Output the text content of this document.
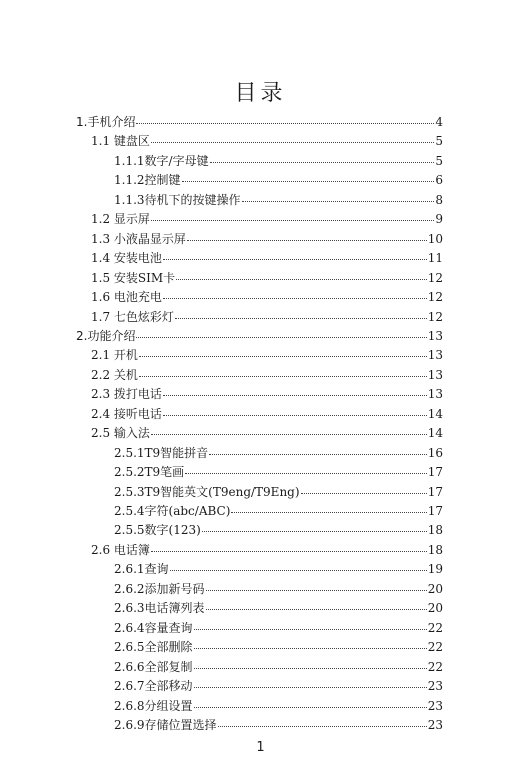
目录
1.手机介绍	4
1.1 键盘区	5
1.1.1数字/字母键	5
1.1.2控制键	6
1.1.3待机下的按键操作	8
1.2 显示屏	9
1.3 小液晶显示屏	10
1.4 安装电池	11
1.5 安装SIM卡	12
1.6 电池充电	12
1.7 七色炫彩灯	12
2.功能介绍	13
2.1 开机	13
2.2 关机	13
2.3 拨打电话	13
2.4 接听电话	14
2.5 输入法	14
2.5.1T9智能拼音	16
2.5.2T9笔画	17
2.5.3T9智能英文(T9eng/T9Eng)	17
2.5.4字符(abc/ABC)	17
2.5.5数字(123)	18
2.6 电话簿	18
2.6.1查询	19
2.6.2添加新号码	20
2.6.3电话簿列表	20
2.6.4容量查询	22
2.6.5全部删除	22
2.6.6全部复制	22
2.6.7全部移动	23
2.6.8分组设置	23
2.6.9存储位置选择	23
1
